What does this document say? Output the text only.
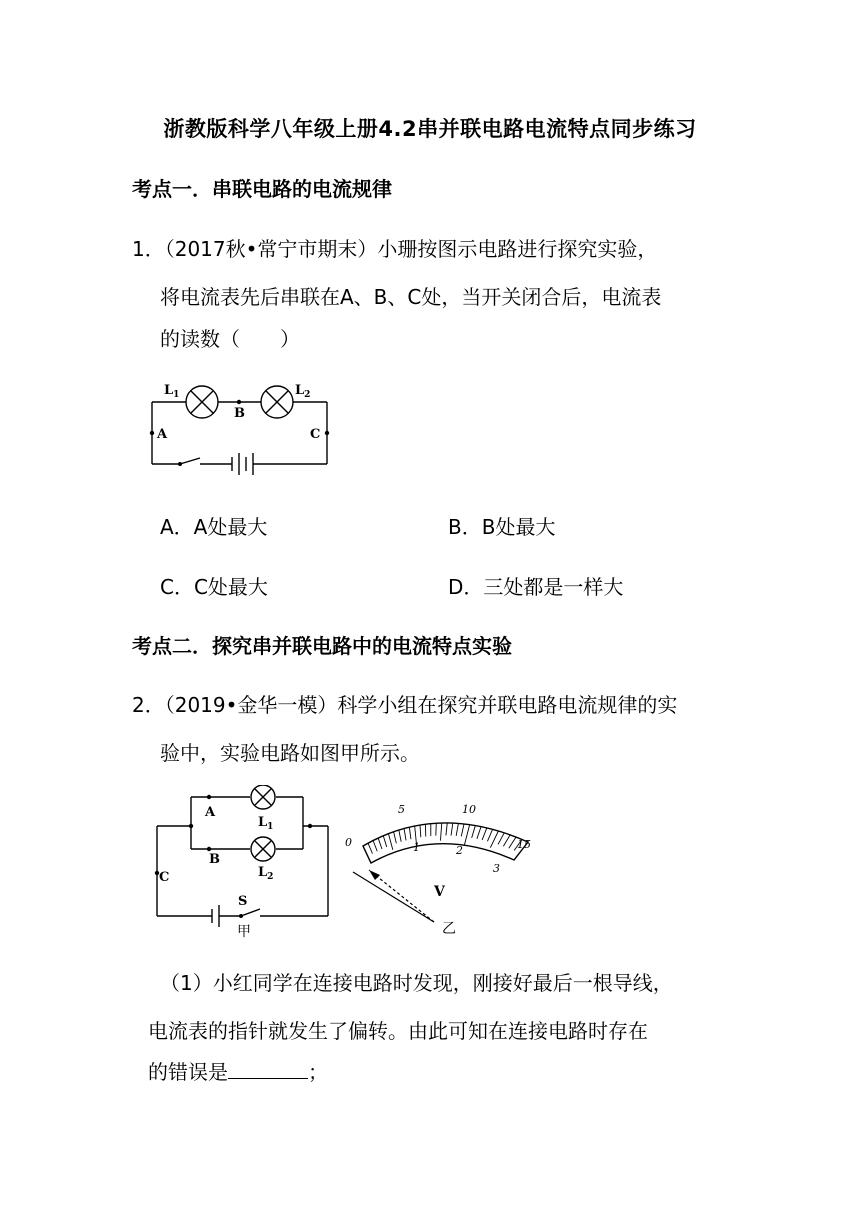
浙教版科学八年级上册4.2串并联电路电流特点同步练习
考点一．串联电路的电流规律
1．（2017秋•常宁市期末）小珊按图示电路进行探究实验，
将电流表先后串联在A、B、C处，当开关闭合后，电流表
的读数（　　）
$L_1$	$L_2$
B
A	C
A．A处最大	B．B处最大
C．C处最大	D．三处都是一样大
考点二．探究串并联电路中的电流特点实验
2．（2019•金华一模）科学小组在探究并联电路电流规律的实
验中，实验电路如图甲所示。
A
B
C
S
$L_1$
$L_2$
甲
0
5	10
15
1	2
3
V
乙
（1）小红同学在连接电路时发现，刚接好最后一根导线，
电流表的指针就发生了偏转。由此可知在连接电路时存在
的错误是	；
